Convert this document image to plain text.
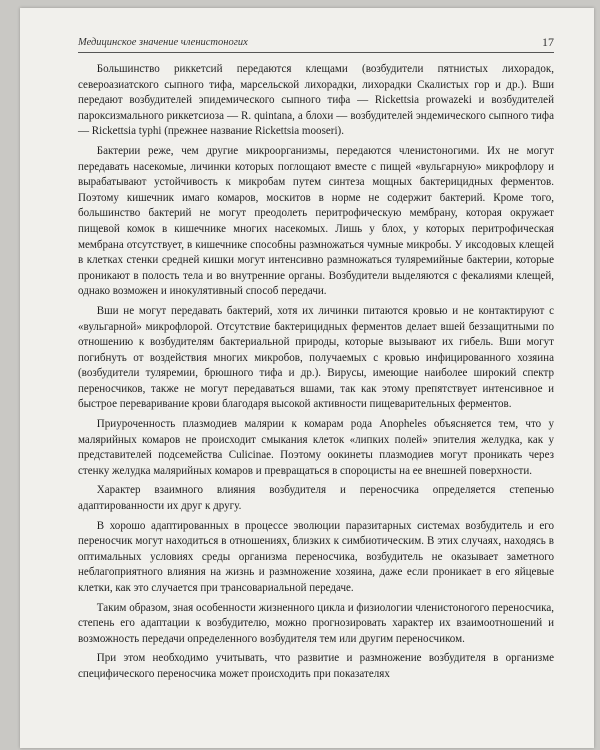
Медицинское значение членистоногих	17

Большинство риккетсий передаются клещами (возбудители пятнистых лихорадок, североазиатского сыпного тифа, марсельской лихорадки, лихорадки Скалистых гор и др.). Вши передают возбудителей эпидемического сыпного тифа — Rickettsia prowazeki и возбудителей пароксизмального риккетсиоза — R. quintana, а блохи — возбудителей эндемического сыпного тифа — Rickettsia typhi (прежнее название Rickettsia mooseri).

Бактерии реже, чем другие микроорганизмы, передаются членистоногими. Их не могут передавать насекомые, личинки которых поглощают вместе с пищей «вульгарную» микрофлору и вырабатывают устойчивость к микробам путем синтеза мощных бактерицидных ферментов. Поэтому кишечник имаго комаров, москитов в норме не содержит бактерий. Кроме того, большинство бактерий не могут преодолеть перитрофическую мембрану, которая окружает пищевой комок в кишечнике многих насекомых. Лишь у блох, у которых перитрофическая мембрана отсутствует, в кишечнике способны размножаться чумные микробы. У иксодовых клещей в клетках стенки средней кишки могут интенсивно размножаться туляремийные бактерии, которые проникают в полость тела и во внутренние органы. Возбудители выделяются с фекалиями клещей, однако возможен и инокулятивный способ передачи.

Вши не могут передавать бактерий, хотя их личинки питаются кровью и не контактируют с «вульгарной» микрофлорой. Отсутствие бактерицидных ферментов делает вшей беззащитными по отношению к возбудителям бактериальной природы, которые вызывают их гибель. Вши могут погибнуть от воздействия многих микробов, получаемых с кровью инфицированного хозяина (возбудители туляремии, брюшного тифа и др.). Вирусы, имеющие наиболее широкий спектр переносчиков, также не могут передаваться вшами, так как этому препятствует интенсивное и быстрое переваривание крови благодаря высокой активности пищеварительных ферментов.

Приуроченность плазмодиев малярии к комарам рода Anopheles объясняется тем, что у малярийных комаров не происходит смыкания клеток «липких полей» эпителия желудка, как у представителей подсемейства Culicinae. Поэтому оокинеты плазмодиев могут проникать через стенку желудка малярийных комаров и превращаться в спороцисты на ее внешней поверхности.

Характер взаимного влияния возбудителя и переносчика определяется степенью адаптированности их друг к другу.

В хорошо адаптированных в процессе эволюции паразитарных системах возбудитель и его переносчик могут находиться в отношениях, близких к симбиотическим. В этих случаях, находясь в оптимальных условиях среды организма переносчика, возбудитель не оказывает заметного неблагоприятного влияния на жизнь и размножение хозяина, даже если проникает в его яйцевые клетки, как это случается при трансовариальной передаче.

Таким образом, зная особенности жизненного цикла и физиологии членистоногого переносчика, степень его адаптации к возбудителю, можно прогнозировать характер их взаимоотношений и возможность передачи определенного возбудителя тем или другим переносчиком.

При этом необходимо учитывать, что развитие и размножение возбудителя в организме специфического переносчика может происходить при показателях
